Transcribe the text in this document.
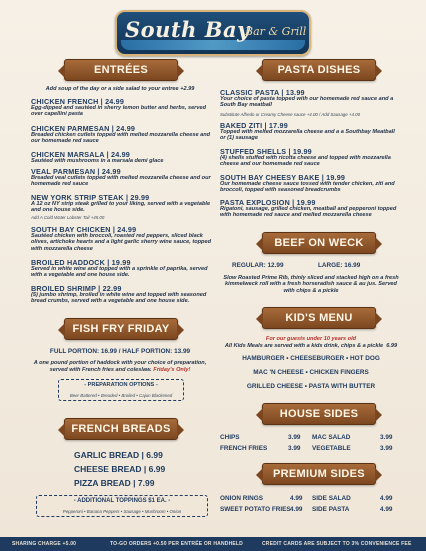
South Bay
Bar & Grill
ENTRÉES
Add soup of the day or a side salad to your entree +2.99
CHICKEN FRENCH | 24.99
Egg-dipped and sautéed in sherry lemon butter and herbs, served over capellini pasta
CHICKEN PARMESAN | 24.99
Breaded chicken cutlets topped with melted mozzarella cheese and our homemade red sauce
CHICKEN MARSALA | 24.99
Sautéed with mushrooms in a marsala demi glace
VEAL PARMESAN | 24.99
Breaded veal cutlets topped with melted mozzarella cheese and our homemade red sauce
NEW YORK STRIP STEAK | 29.99
A 12 oz NY strip steak grilled to your liking, served with a vegetable and one house side.
Add A Cold Water Lobster Tail +45.00
SOUTH BAY CHICKEN | 24.99
Sautéed chicken with broccoli, roasted red peppers, sliced black olives, artichoke hearts and a light garlic sherry wine sauce, topped with mozzarella cheese
BROILED HADDOCK | 19.99
Served in white wine and topped with a sprinkle of paprika, served with a vegetable and one house side.
BROILED SHRIMP | 22.99
(5) jumbo shrimp, broiled in white wine and topped with seasoned bread crumbs, served with a vegetable and one house side.
FISH FRY FRIDAY
FULL PORTION: 16.99 / HALF PORTION: 13.99
A one pound portion of haddock with your choice of preparation,
served with French fries and coleslaw. Friday's Only!
- PREPARATION OPTIONS -
Beer Battered • Breaded • Broiled • Cajun Blackened
FRENCH BREADS
GARLIC BREAD | 6.99
CHEESE BREAD | 6.99
PIZZA BREAD | 7.99
- ADDITIONAL TOPPINGS $1 EA. -
Pepperoni • Banana Peppers • Sausage • Mushroom • Onion
PASTA DISHES
CLASSIC PASTA | 13.99
Your choice of pasta topped with our homemade red sauce and a South Bay meatball
Substitute Alfredo or Creamy Cheese sauce +4.00 / Add Sausage +4.00
BAKED ZITI | 17.99
Topped with melted mozzarella cheese and a a Southbay Meatball or (1) sausage
STUFFED SHELLS | 19.99
(4) shells stuffed with ricotta cheese and topped with mozzarella cheese and our homemade red sauce
SOUTH BAY CHEESY BAKE | 19.99
Our homemade cheese sauce tossed with tender chicken, ziti and broccoli, topped with seasoned breadcrumbs
PASTA EXPLOSION | 19.99
Rigatoni, sausage, grilled chicken, meatball and pepperoni topped with homemade red sauce and melted mozzarella cheese
BEEF ON WECK
REGULAR: 12.99	LARGE: 16.99
Slow Roasted Prime Rib, thinly sliced and stacked high on a fresh kimmelweck roll with a fresh horseradish sauce & au jus. Served with chips & a pickle
KID'S MENU
For our guests under 10 years old
All Kids Meals are served with a kids drink, chips & a pickle 6.99
HAMBURGER • CHEESEBURGER • HOT DOG
MAC 'N CHEESE • CHICKEN FINGERS
GRILLED CHEESE • PASTA WITH BUTTER
HOUSE SIDES
CHIPS	3.99 MAC SALAD	3.99
FRENCH FRIES	3.99 VEGETABLE	3.99
PREMIUM SIDES
ONION RINGS	4.99 SIDE SALAD	4.99
SWEET POTATO FRIES 4.99 SIDE PASTA	4.99
SHARING CHARGE +5.00	TO-GO ORDERS +0.50 PER ENTRÉE OR HANDHELD	CREDIT CARDS ARE SUBJECT TO 3% CONVENIENCE FEE
